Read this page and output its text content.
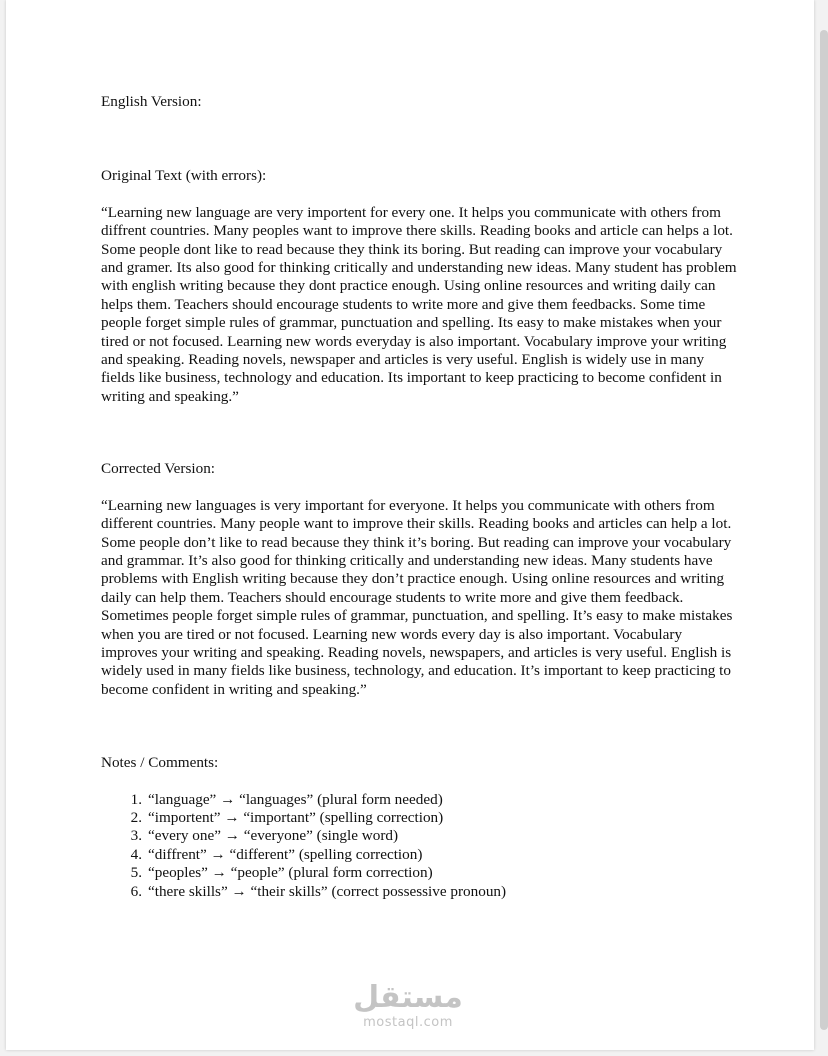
English Version:

Original Text (with errors):

“Learning new language are very importent for every one. It helps you communicate with others from diffrent countries. Many peoples want to improve there skills. Reading books and article can helps a lot. Some people dont like to read because they think its boring. But reading can improve your vocabulary and gramer. Its also good for thinking critically and understanding new ideas. Many student has problem with english writing because they dont practice enough. Using online resources and writing daily can helps them. Teachers should encourage students to write more and give them feedbacks. Some time people forget simple rules of grammar, punctuation and spelling. Its easy to make mistakes when your tired or not focused. Learning new words everyday is also important. Vocabulary improve your writing and speaking. Reading novels, newspaper and articles is very useful. English is widely use in many fields like business, technology and education. Its important to keep practicing to become confident in writing and speaking.”

Corrected Version:

“Learning new languages is very important for everyone. It helps you communicate with others from different countries. Many people want to improve their skills. Reading books and articles can help a lot. Some people don’t like to read because they think it’s boring. But reading can improve your vocabulary and grammar. It’s also good for thinking critically and understanding new ideas. Many students have problems with English writing because they don’t practice enough. Using online resources and writing daily can help them. Teachers should encourage students to write more and give them feedback. Sometimes people forget simple rules of grammar, punctuation, and spelling. It’s easy to make mistakes when you are tired or not focused. Learning new words every day is also important. Vocabulary improves your writing and speaking. Reading novels, newspapers, and articles is very useful. English is widely used in many fields like business, technology, and education. It’s important to keep practicing to become confident in writing and speaking.”

Notes / Comments:

1. “language” → “languages” (plural form needed)
2. “importent” → “important” (spelling correction)
3. “every one” → “everyone” (single word)
4. “diffrent” → “different” (spelling correction)
5. “peoples” → “people” (plural form correction)
6. “there skills” → “their skills” (correct possessive pronoun)
مستقل
mostaql.com
